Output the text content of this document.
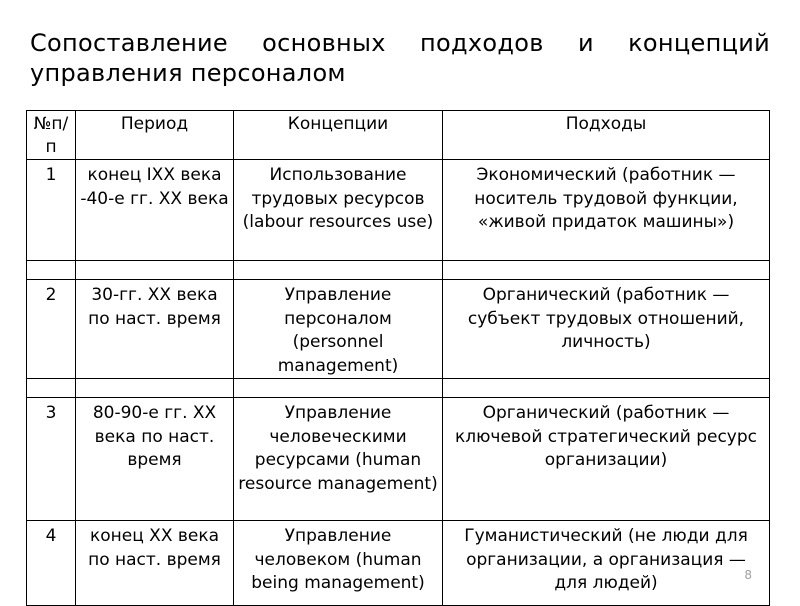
Сопоставление основных подходов и концепций
управления персоналом
№п/п	Период	Концепции	Подходы

1	конец IXX века -40-е гг. XX века	Использование трудовых ресурсов (labour resources use)	Экономический (работник — носитель трудовой функции, «живой придаток машины»)

2	30-гг. XX века по наст. время	Управление персоналом (personnel management)	Органический (работник — субъект трудовых отношений, личность)

3	80-90-е гг. XX века по наст. время	Управление человеческими ресурсами (human resource management)	Органический (работник — ключевой стратегический ресурс организации)

4	конец XX века по наст. время	Управление человеком (human being management)	Гуманистический (не люди для организации, а организация — для людей)	8
